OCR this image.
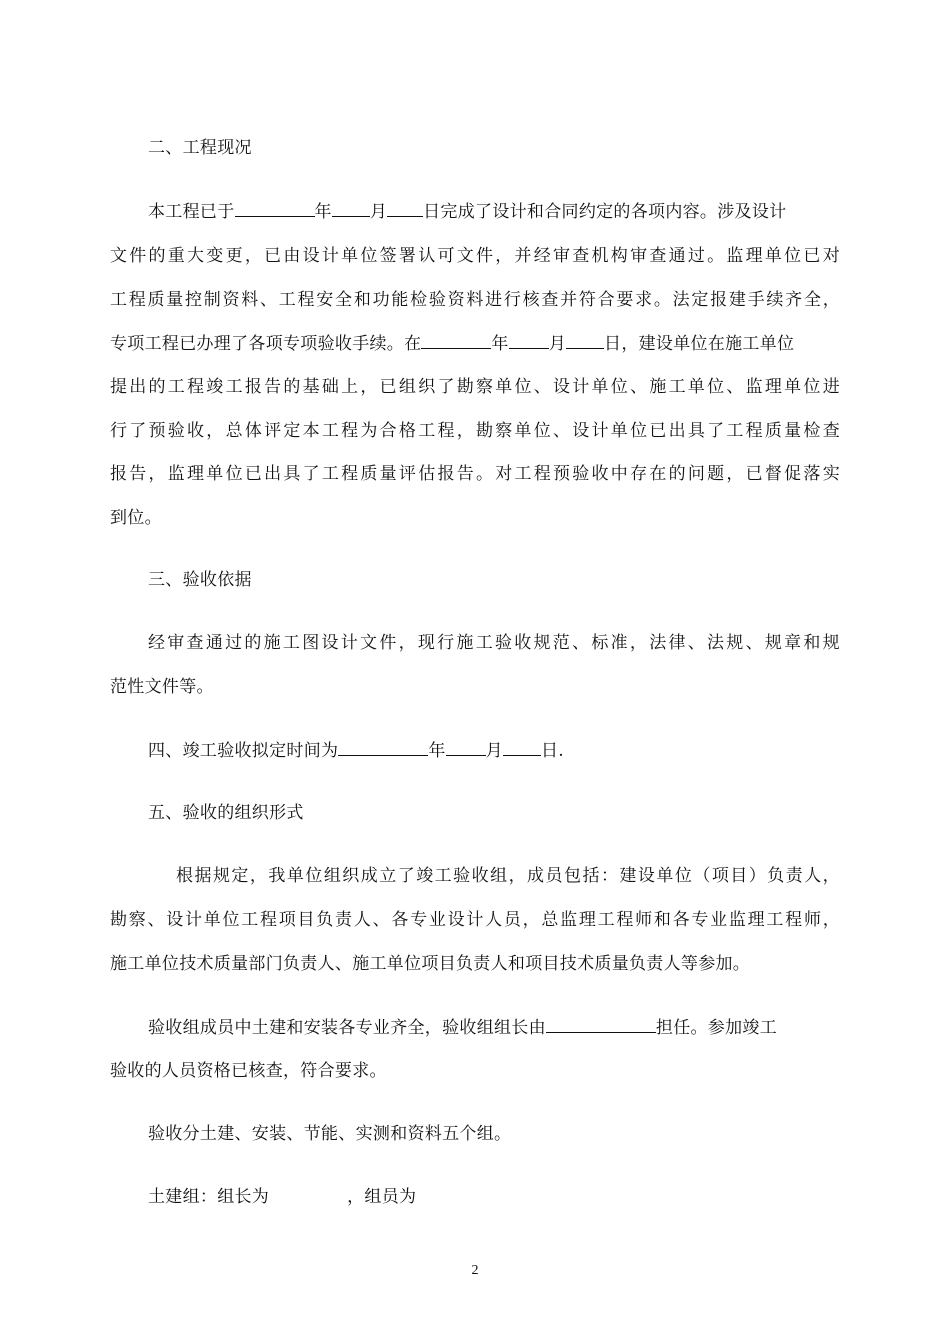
二、工程现况
本工程已于	年 月 日完成了设计和合同约定的各项内容。涉及设计
文件的重大变更，已由设计单位签署认可文件，并经审查机构审查通过。监理单位已对
工程质量控制资料、工程安全和功能检验资料进行核查并符合要求。法定报建手续齐全，
专项工程已办理了各项专项验收手续。在	年 月 日，建设单位在施工单位
提出的工程竣工报告的基础上，已组织了勘察单位、设计单位、施工单位、监理单位进
行了预验收，总体评定本工程为合格工程，勘察单位、设计单位已出具了工程质量检查
报告，监理单位已出具了工程质量评估报告。对工程预验收中存在的问题，已督促落实
到位。
三、验收依据
经审查通过的施工图设计文件，现行施工验收规范、标准，法律、法规、规章和规
范性文件等。
四、竣工验收拟定时间为	年 月 日.
五、验收的组织形式
根据规定，我单位组织成立了竣工验收组，成员包括：建设单位（项目）负责人，
勘察、设计单位工程项目负责人、各专业设计人员，总监理工程师和各专业监理工程师，
施工单位技术质量部门负责人、施工单位项目负责人和项目技术质量负责人等参加。
验收组成员中土建和安装各专业齐全，验收组组长由	担任。参加竣工
验收的人员资格已核查，符合要求。
验收分土建、安装、节能、实测和资料五个组。
土建组：组长为	，组员为
2
